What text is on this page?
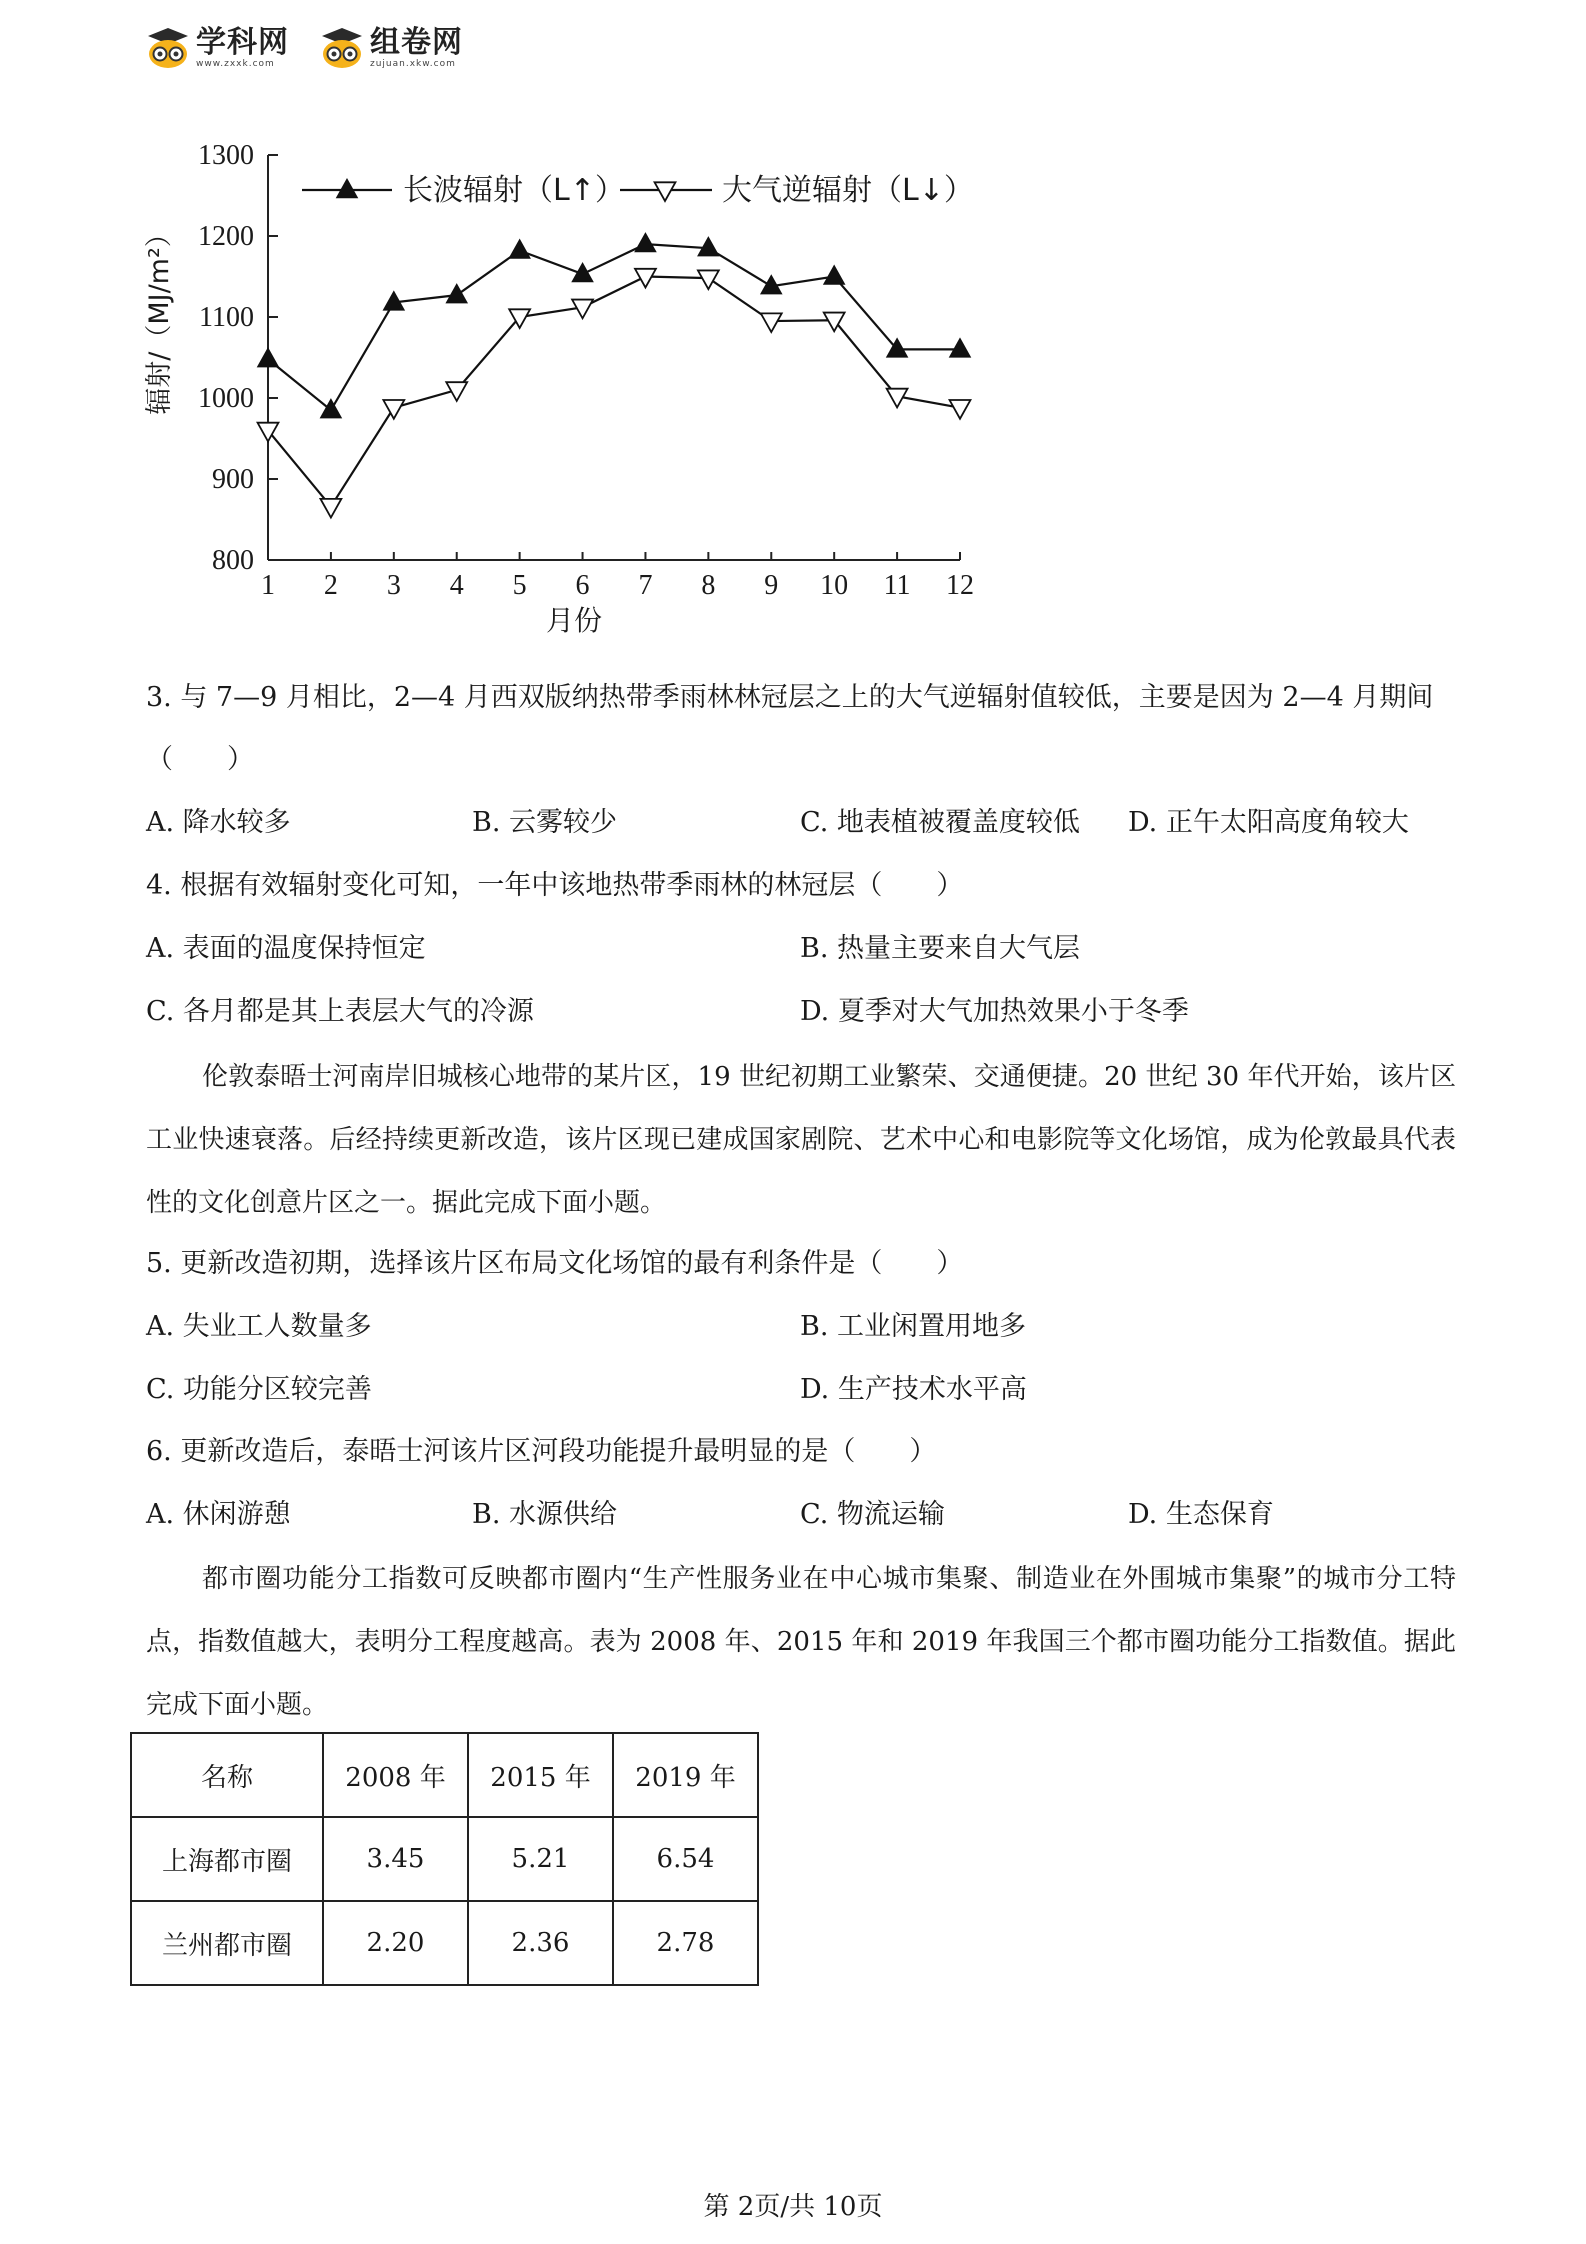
学科网
www.zxxk.com
组卷网
zujuan.xkw.com
800
900
1000
1100
1200
1300
1 2 3 4 5 6 7 8 9 10 11 12
月份
辐射/（MJ/m²）
长波辐射（L↑）	大气逆辐射（L↓）
3. 与 7—9 月相比，2—4 月西双版纳热带季雨林林冠层之上的大气逆辐射值较低，主要是因为 2—4 月期间
（　　）
A. 降水较多	B. 云雾较少	C. 地表植被覆盖度较低 D. 正午太阳高度角较大
4. 根据有效辐射变化可知，一年中该地热带季雨林的林冠层（　　）
A. 表面的温度保持恒定	B. 热量主要来自大气层
C. 各月都是其上表层大气的冷源	D. 夏季对大气加热效果小于冬季
伦敦泰晤士河南岸旧城核心地带的某片区，19 世纪初期工业繁荣、交通便捷。20 世纪 30 年代开始，该片区工业快速衰落。后经持续更新改造，该片区现已建成国家剧院、艺术中心和电影院等文化场馆，成为伦敦最具代表性的文化创意片区之一。据此完成下面小题。
5. 更新改造初期，选择该片区布局文化场馆的最有利条件是（　　）
A. 失业工人数量多	B. 工业闲置用地多
C. 功能分区较完善	D. 生产技术水平高
6. 更新改造后，泰晤士河该片区河段功能提升最明显的是（　　）
A. 休闲游憩	B. 水源供给	C. 物流运输	D. 生态保育
都市圈功能分工指数可反映都市圈内“生产性服务业在中心城市集聚、制造业在外围城市集聚”的城市分工特点，指数值越大，表明分工程度越高。表为 2008 年、2015 年和 2019 年我国三个都市圈功能分工指数值。据此完成下面小题。
名称	2008 年	2015 年	2019 年
上海都市圈	3.45	5.21	6.54
兰州都市圈	2.20	2.36	2.78
第 2页/共 10页
